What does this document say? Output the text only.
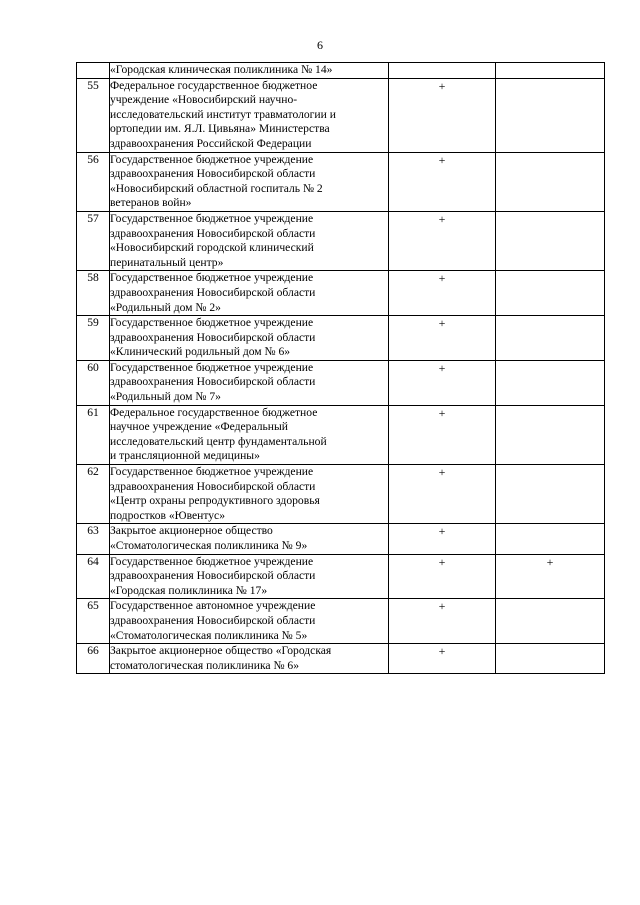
6

	«Городская клиническая поликлиника № 14»		

55	Федеральное государственное бюджетное
учреждение «Новосибирский научно-
исследовательский институт травматологии и
ортопедии им. Я.Л. Цивьяна» Министерства
здравоохранения Российской Федерации	+	
56	Государственное бюджетное учреждение
здравоохранения Новосибирской области
«Новосибирский областной госпиталь № 2
ветеранов войн»	+	
57	Государственное бюджетное учреждение
здравоохранения Новосибирской области
«Новосибирский городской клинический
перинатальный центр»	+	
58	Государственное бюджетное учреждение
здравоохранения Новосибирской области
«Родильный дом № 2»	+	
59	Государственное бюджетное учреждение
здравоохранения Новосибирской области
«Клинический родильный дом № 6»	+	
60	Государственное бюджетное учреждение
здравоохранения Новосибирской области
«Родильный дом № 7»	+	
61	Федеральное государственное бюджетное
научное учреждение «Федеральный
исследовательский центр фундаментальной
и трансляционной медицины»	+	
62	Государственное бюджетное учреждение
здравоохранения Новосибирской области
«Центр охраны репродуктивного здоровья
подростков «Ювентус»	+	
63	Закрытое акционерное общество
«Стоматологическая поликлиника № 9»	+	
64	Государственное бюджетное учреждение
здравоохранения Новосибирской области
«Городская поликлиника № 17»	+	+
65	Государственное автономное учреждение
здравоохранения Новосибирской области
«Стоматологическая поликлиника № 5»	+	
66	Закрытое акционерное общество «Городская
стоматологическая поликлиника № 6»	+	
